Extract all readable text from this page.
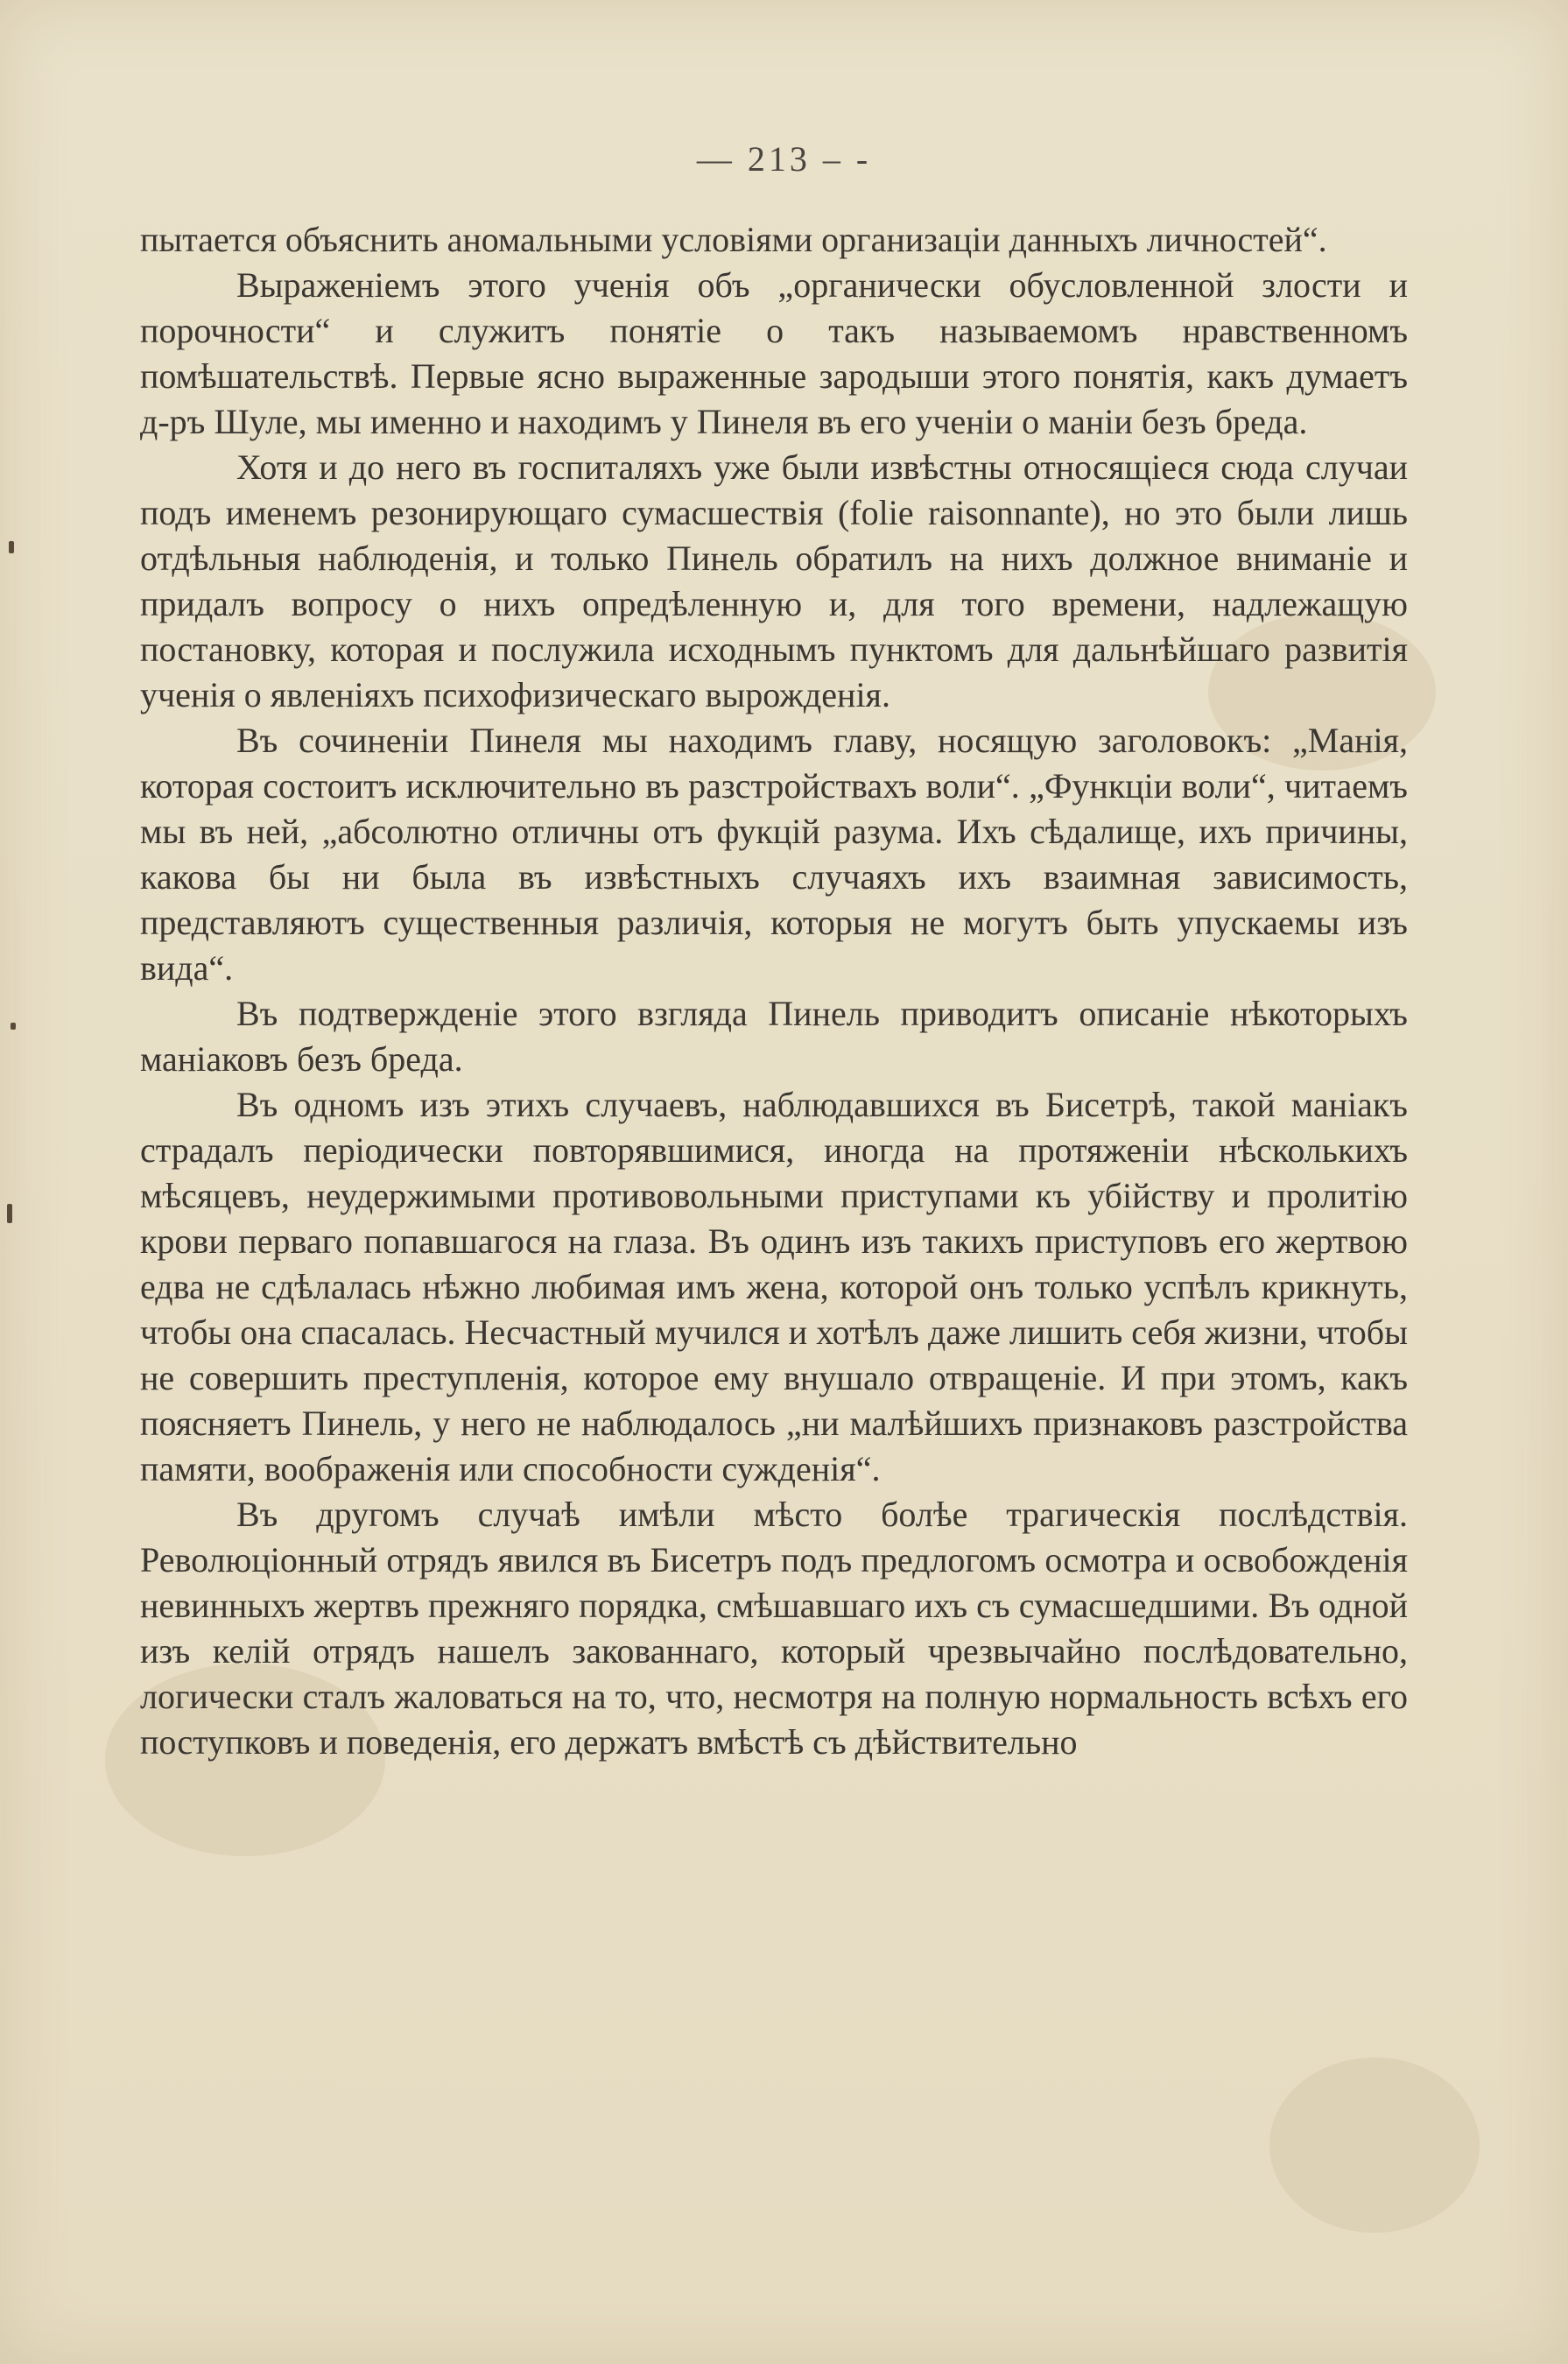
— 213 – -

пытается объяснить аномальными условіями организаціи данныхъ личностей“.

Выраженіемъ этого ученія объ „органически обусловленной злости и порочности“ и служитъ понятіе о такъ называемомъ нравственномъ помѣшательствѣ. Первые ясно выраженные зародыши этого понятія, какъ думаетъ д-ръ Шуле, мы именно и находимъ у Пинеля въ его ученіи о маніи безъ бреда.

Хотя и до него въ госпиталяхъ уже были извѣстны относящіеся сюда случаи подъ именемъ резонирующаго сумасшествія (folie raisonnante), но это были лишь отдѣльныя наблюденія, и только Пинель обратилъ на нихъ должное вниманіе и придалъ вопросу о нихъ опредѣленную и, для того времени, надлежащую постановку, которая и послужила исходнымъ пунктомъ для дальнѣйшаго развитія ученія о явленіяхъ психофизическаго вырожденія.

Въ сочиненіи Пинеля мы находимъ главу, носящую заголовокъ: „Манія, которая состоитъ исключительно въ разстройствахъ воли“. „Функціи воли“, читаемъ мы въ ней, „абсолютно отличны отъ фукцій разума. Ихъ сѣдалище, ихъ причины, какова бы ни была въ извѣстныхъ случаяхъ ихъ взаимная зависимость, представляютъ существенныя различія, которыя не могутъ быть упускаемы изъ вида“.

Въ подтвержденіе этого взгляда Пинель приводитъ описаніе нѣкоторыхъ маніаковъ безъ бреда.

Въ одномъ изъ этихъ случаевъ, наблюдавшихся въ Бисетрѣ, такой маніакъ страдалъ періодически повторявшимися, иногда на протяженіи нѣсколькихъ мѣсяцевъ, неудержимыми противовольными приступами къ убійству и пролитію крови перваго попавшагося на глаза. Въ одинъ изъ такихъ приступовъ его жертвою едва не сдѣлалась нѣжно любимая имъ жена, которой онъ только успѣлъ крикнуть, чтобы она спасалась. Несчастный мучился и хотѣлъ даже лишить себя жизни, чтобы не совершить преступленія, которое ему внушало отвращеніе. И при этомъ, какъ поясняетъ Пинель, у него не наблюдалось „ни малѣйшихъ признаковъ разстройства памяти, воображенія или способности сужденія“.

Въ другомъ случаѣ имѣли мѣсто болѣе трагическія послѣдствія. Революціонный отрядъ явился въ Бисетръ подъ предлогомъ осмотра и освобожденія невинныхъ жертвъ прежняго порядка, смѣшавшаго ихъ съ сумасшедшими. Въ одной изъ келій отрядъ нашелъ закованнаго, который чрезвычайно послѣдовательно, логически сталъ жаловаться на то, что, несмотря на полную нормальность всѣхъ его поступковъ и поведенія, его держатъ вмѣстѣ съ дѣйствительно
